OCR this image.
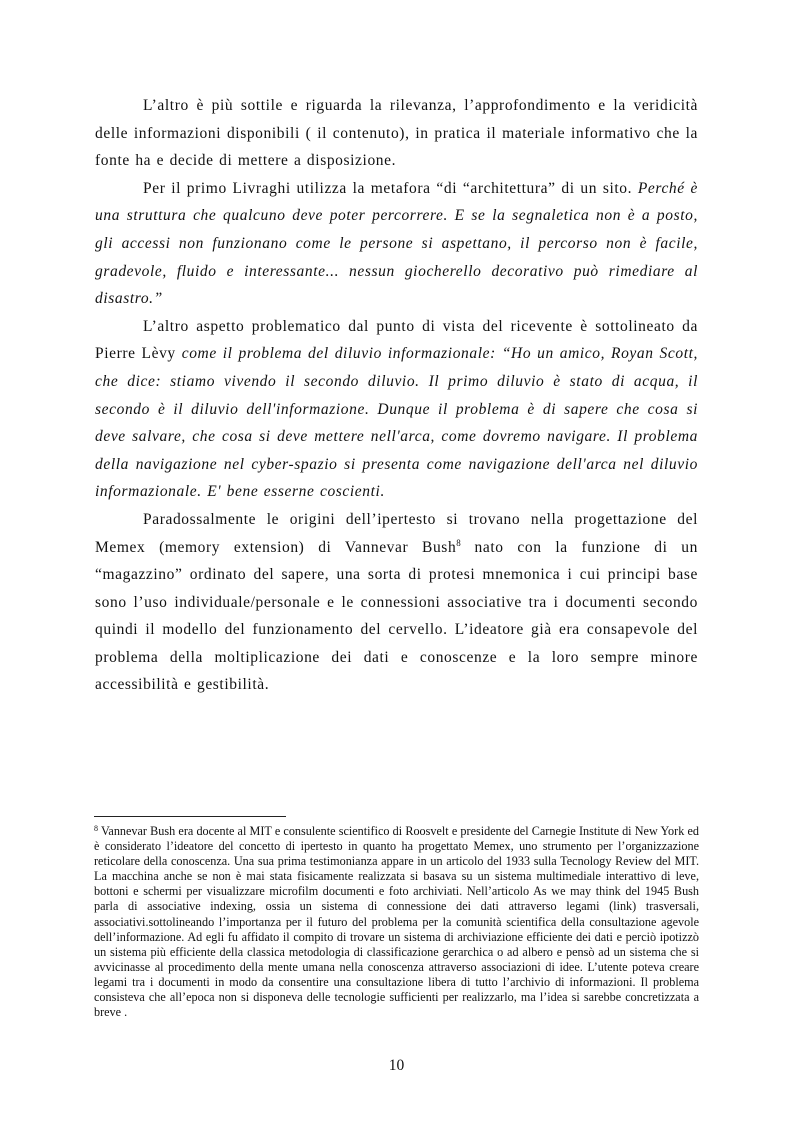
L’altro è più sottile e riguarda la rilevanza, l’approfondimento e la veridicità delle informazioni disponibili ( il contenuto), in pratica il materiale informativo che la fonte ha e decide di mettere a disposizione.

Per il primo Livraghi utilizza la metafora “di “architettura” di un sito. Perché è una struttura che qualcuno deve poter percorrere. E se la segnaletica non è a posto, gli accessi non funzionano come le persone si aspettano, il percorso non è facile, gradevole, fluido e interessante... nessun giocherello decorativo può rimediare al disastro.”

L’altro aspetto problematico dal punto di vista del ricevente è sottolineato da Pierre Lèvy come il problema del diluvio informazionale: “Ho un amico, Royan Scott, che dice: stiamo vivendo il secondo diluvio. Il primo diluvio è stato di acqua, il secondo è il diluvio dell'informazione. Dunque il problema è di sapere che cosa si deve salvare, che cosa si deve mettere nell'arca, come dovremo navigare. Il problema della navigazione nel cyber-spazio si presenta come navigazione dell'arca nel diluvio informazionale. E' bene esserne coscienti.

Paradossalmente le origini dell’ipertesto si trovano nella progettazione del Memex (memory extension) di Vannevar Bush$^8$ nato con la funzione di un “magazzino” ordinato del sapere, una sorta di protesi mnemonica i cui principi base sono l’uso individuale/personale e le connessioni associative tra i documenti secondo quindi il modello del funzionamento del cervello. L’ideatore già era consapevole del problema della moltiplicazione dei dati e conoscenze e la loro sempre minore accessibilità e gestibilità.

$^8$ Vannevar Bush era docente al MIT e consulente scientifico di Roosvelt e presidente del Carnegie Institute di New York ed è considerato l’ideatore del concetto di ipertesto in quanto ha progettato Memex, uno strumento per l’organizzazione reticolare della conoscenza. Una sua prima testimonianza appare in un articolo del 1933 sulla Tecnology Review del MIT. La macchina anche se non è mai stata fisicamente realizzata si basava su un sistema multimediale interattivo di leve, bottoni e schermi per visualizzare microfilm documenti e foto archiviati. Nell’articolo As we may think del 1945 Bush parla di associative indexing, ossia un sistema di connessione dei dati attraverso legami (link) trasversali, associativi.sottolineando l’importanza per il futuro del problema per la comunità scientifica della consultazione agevole dell’informazione. Ad egli fu affidato il compito di trovare un sistema di archiviazione efficiente dei dati e perciò ipotizzò un sistema più efficiente della classica metodologia di classificazione gerarchica o ad albero e pensò ad un sistema che si avvicinasse al procedimento della mente umana nella conoscenza attraverso associazioni di idee. L’utente poteva creare legami tra i documenti in modo da consentire una consultazione libera di tutto l’archivio di informazioni. Il problema consisteva che all’epoca non si disponeva delle tecnologie sufficienti per realizzarlo, ma l’idea si sarebbe concretizzata a breve .

10
